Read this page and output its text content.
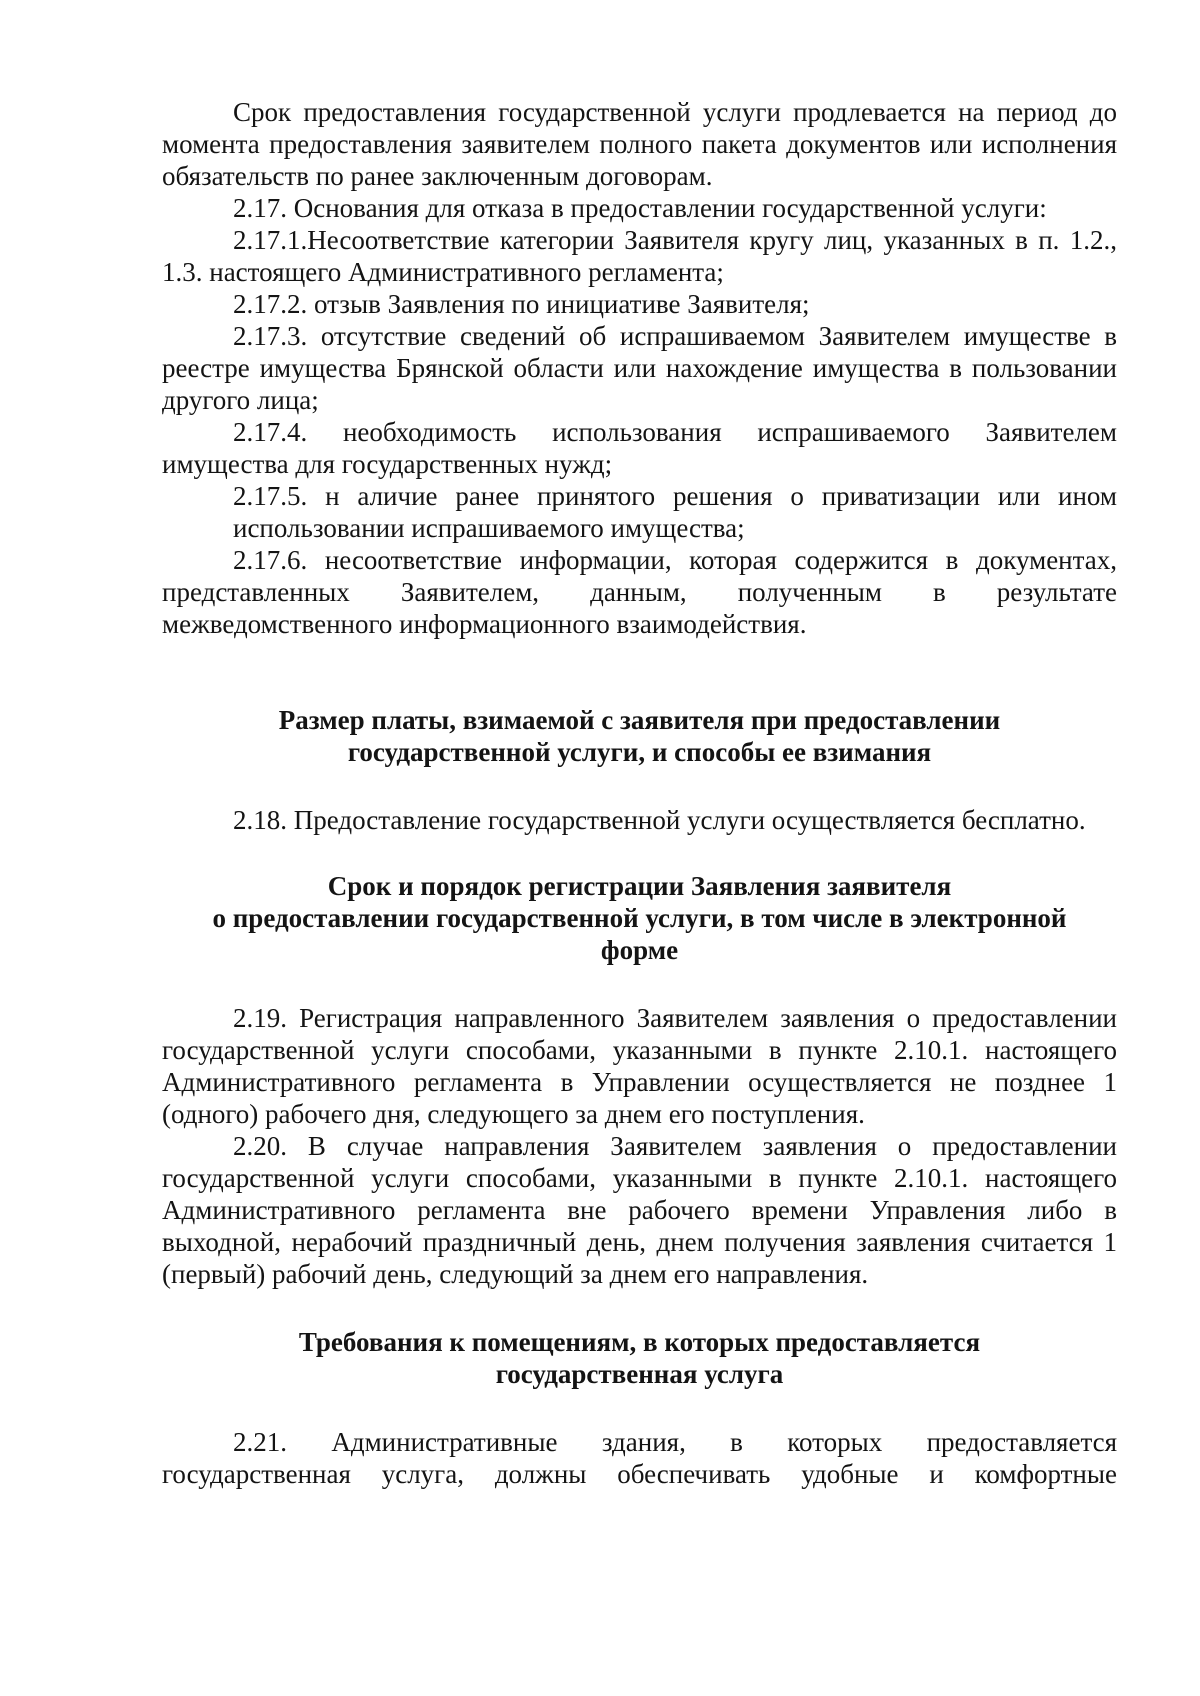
Срок предоставления государственной услуги продлевается на период до момента предоставления заявителем полного пакета документов или исполнения обязательств по ранее заключенным договорам.

2.17. Основания для отказа в предоставлении государственной услуги:

2.17.1.Несоответствие категории Заявителя кругу лиц, указанных в п. 1.2., 1.3. настоящего Административного регламента;

2.17.2. отзыв Заявления по инициативе Заявителя;

2.17.3. отсутствие сведений об испрашиваемом Заявителем имуществе в реестре имущества Брянской области или нахождение имущества в пользовании другого лица;

2.17.4. необходимость использования испрашиваемого Заявителем имущества для государственных нужд;

2.17.5. н аличие ранее принятого решения о приватизации или ином использовании испрашиваемого имущества;

2.17.6. несоответствие информации, которая содержится в документах, представленных Заявителем, данным, полученным в результате межведомственного информационного взаимодействия.

Размер платы, взимаемой с заявителя при предоставлении
государственной услуги, и способы ее взимания

2.18. Предоставление государственной услуги осуществляется бесплатно.

Срок и порядок регистрации Заявления заявителя
о предоставлении государственной услуги, в том числе в электронной
форме

2.19. Регистрация направленного Заявителем заявления о предоставлении государственной услуги способами, указанными в пункте 2.10.1. настоящего Административного регламента в Управлении осуществляется не позднее 1 (одного) рабочего дня, следующего за днем его поступления.

2.20. В случае направления Заявителем заявления о предоставлении государственной услуги способами, указанными в пункте 2.10.1. настоящего Административного регламента вне рабочего времени Управления либо в выходной, нерабочий праздничный день, днем получения заявления считается 1 (первый) рабочий день, следующий за днем его направления.

Требования к помещениям, в которых предоставляется
государственная услуга

2.21. Административные здания, в которых предоставляется государственная услуга, должны обеспечивать удобные и комфортные
